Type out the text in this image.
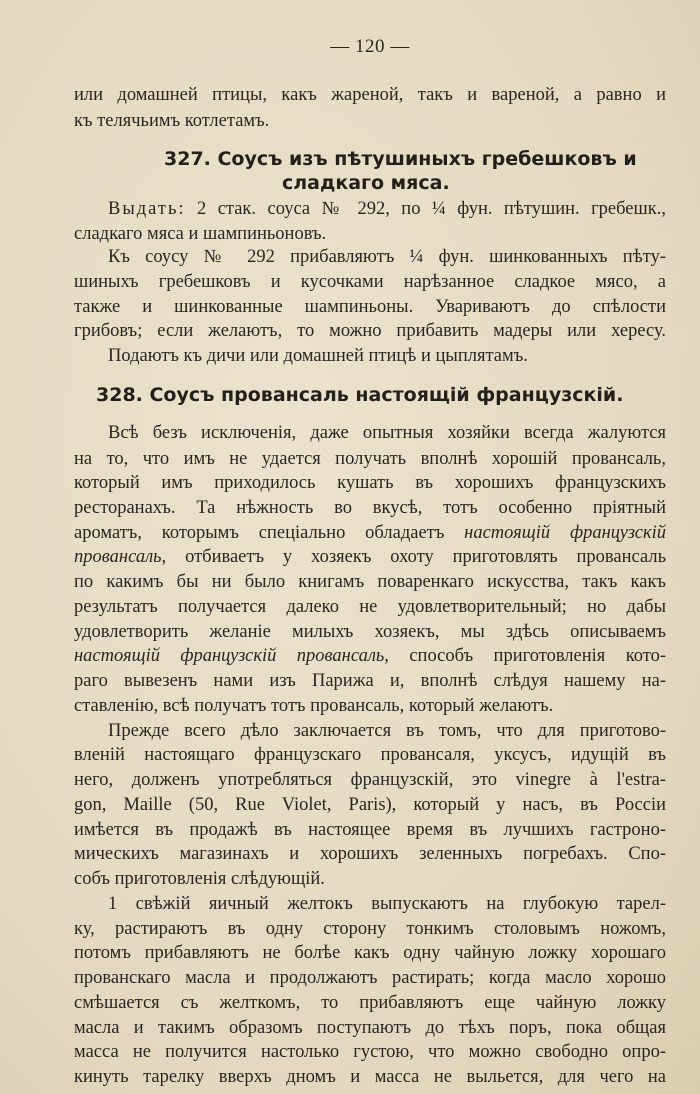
— 120 —
или домашней птицы, какъ жареной, такъ и вареной, а равно и
къ телячьимъ котлетамъ.
327. Соусъ изъ пѣтушиныхъ гребешковъ и
сладкаго мяса.
Выдать: 2 стак. соуса № 292, по ¼ фун. пѣтушин. гребешк.,
сладкаго мяса и шампиньоновъ.
Къ соусу № 292 прибавляютъ ¼ фун. шинкованныхъ пѣту-
шиныхъ гребешковъ и кусочками нарѣзанное сладкое мясо, а
также и шинкованные шампиньоны. Увариваютъ до спѣлости
грибовъ; если желаютъ, то можно прибавить мадеры или хересу.
Подаютъ къ дичи или домашней птицѣ и цыплятамъ.
328. Соусъ провансаль настоящій французскій.
Всѣ безъ исключенія, даже опытныя хозяйки всегда жалуются
на то, что имъ не удается получать вполнѣ хорошій провансаль,
который имъ приходилось кушать въ хорошихъ французскихъ
ресторанахъ. Та нѣжность во вкусѣ, тотъ особенно пріятный
ароматъ, которымъ спеціально обладаетъ настоящій французскій
провансаль, отбиваетъ у хозяекъ охоту приготовлять провансаль
по какимъ бы ни было книгамъ поваренкаго искусства, такъ какъ
результатъ получается далеко не удовлетворительный; но дабы
удовлетворить желаніе милыхъ хозяекъ, мы здѣсь описываемъ
настоящій французскій провансаль, способъ приготовленія кото-
раго вывезенъ нами изъ Парижа и, вполнѣ слѣдуя нашему на-
ставленію, всѣ получатъ тотъ провансаль, который желаютъ.
Прежде всего дѣло заключается въ томъ, что для приготово-
вленій настоящаго французскаго провансаля, уксусъ, идущій въ
него, долженъ употребляться французскій, это vinegre à l'estra-
gon, Maille (50, Rue Violet, Paris), который у насъ, въ Россіи
имѣется въ продажѣ въ настоящее время въ лучшихъ гастроно-
мическихъ магазинахъ и хорошихъ зеленныхъ погребахъ. Спо-
собъ приготовленія слѣдующій.
1 свѣжій яичный желтокъ выпускаютъ на глубокую тарел-
ку, растираютъ въ одну сторону тонкимъ столовымъ ножомъ,
потомъ прибавляютъ не болѣе какъ одну чайную ложку хорошаго
прованскаго масла и продолжаютъ растирать; когда масло хорошо
смѣшается съ желткомъ, то прибавляютъ еще чайную ложку
масла и такимъ образомъ поступаютъ до тѣхъ поръ, пока общая
масса не получится настолько густою, что можно свободно опро-
кинуть тарелку вверхъ дномъ и масса не выльется, для чего на
